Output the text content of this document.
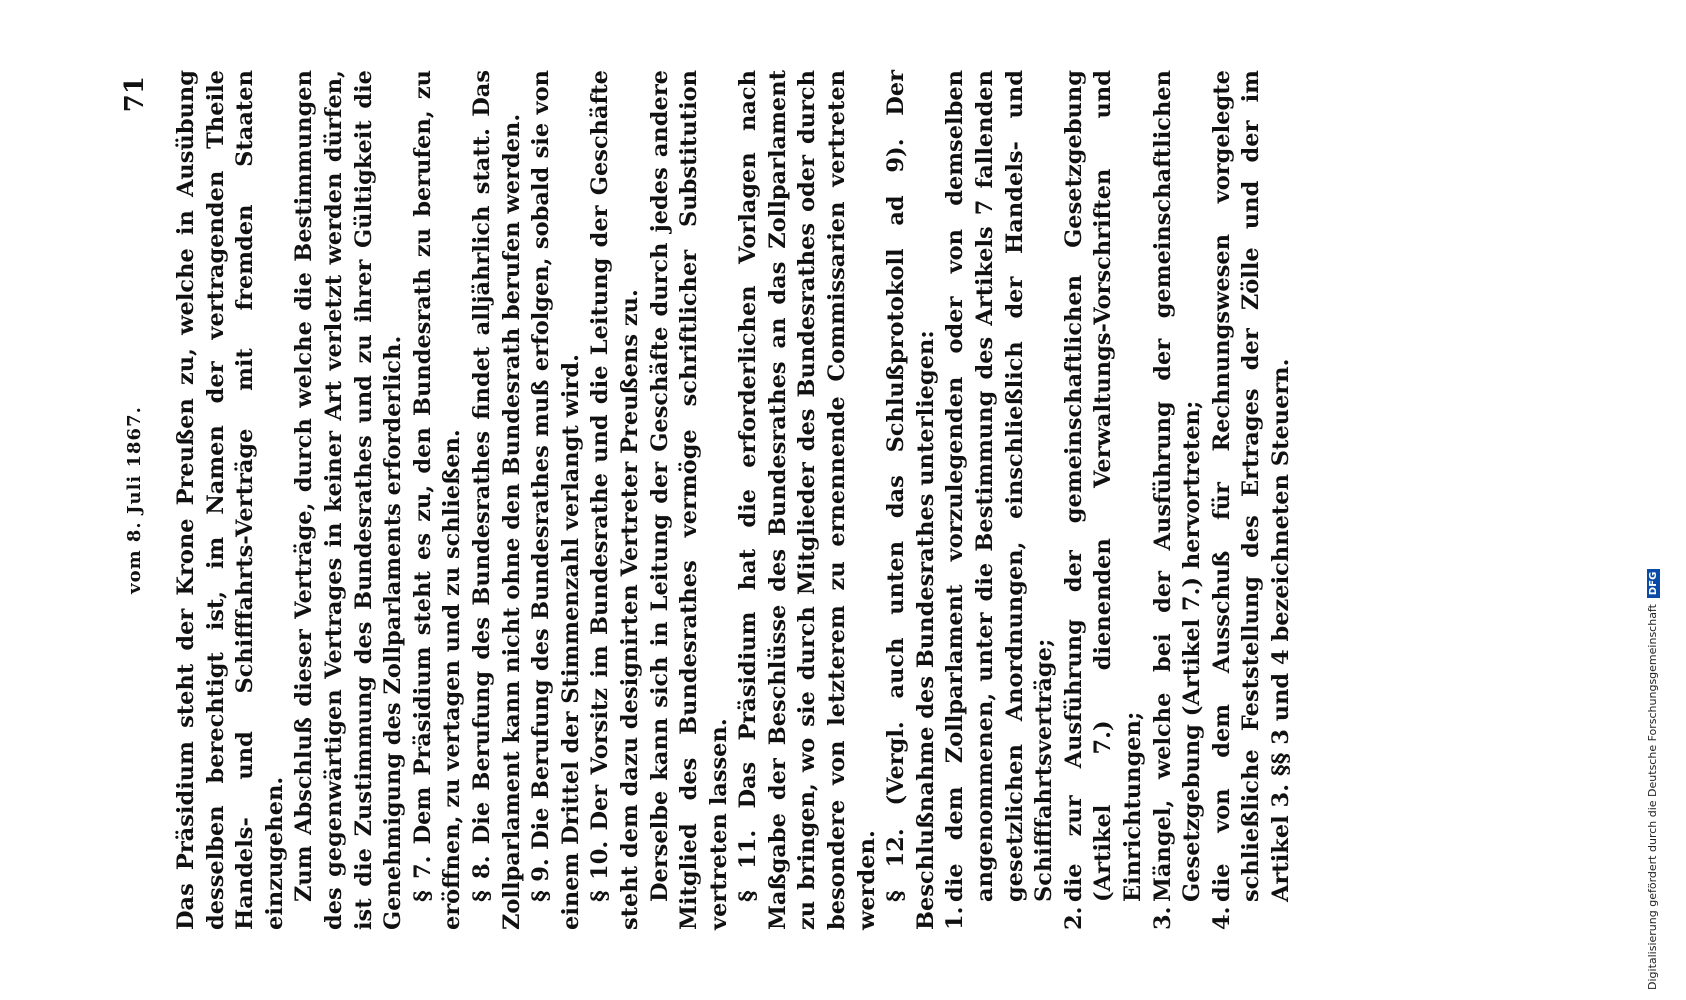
vom 8. Juli 1867.
71 Das Präsidium steht der Krone Preußen zu, welche in Ausübung desselben berechtigt ist, im Namen der vertragenden Theile Handels- und Schifffahrts-Verträge mit fremden Staaten einzugehen. Zum Abschluß dieser Verträge, durch welche die Bestimmungen des gegenwärtigen Vertrages in keiner Art verletzt werden dürfen, ist die Zustimmung des Bundesrathes und zu ihrer Gültigkeit die Genehmigung des Zollparlaments erforderlich. § 7. Dem Präsidium steht es zu, den Bundesrath zu berufen, zu eröffnen, zu vertagen und zu schließen. § 8. Die Berufung des Bundesrathes findet alljährlich statt. Das Zollparlament kann nicht ohne den Bundesrath berufen werden. § 9. Die Berufung des Bundesrathes muß erfolgen, sobald sie von einem Drittel der Stimmenzahl verlangt wird. § 10. Der Vorsitz im Bundesrathe und die Leitung der Geschäfte steht dem dazu designirten Vertreter Preußens zu. Derselbe kann sich in Leitung der Geschäfte durch jedes andere Mitglied des Bundesrathes vermöge schriftlicher Substitution vertreten lassen. § 11. Das Präsidium hat die erforderlichen Vorlagen nach Maßgabe der Beschlüsse des Bundesrathes an das Zollparlament zu bringen, wo sie durch Mitglieder des Bundesrathes oder durch besondere von letzterem zu ernennende Commissarien vertreten werden. § 12. (Vergl. auch unten das Schlußprotokoll ad 9). Der Beschlußnahme des Bundesrathes unterliegen: 1.
die dem Zollparlament vorzulegenden oder von demselben angenommenen, unter die Bestimmung des Artikels 7 fallenden gesetzlichen Anordnungen, einschließlich der Handels- und Schifffahrtsverträge;
2.
die zur Ausführung der gemeinschaftlichen Gesetzgebung (Artikel 7.) dienenden Verwaltungs-Vorschriften und Einrichtungen;
3.
Mängel, welche bei der Ausführung der gemeinschaftlichen Gesetzgebung (Artikel 7.) hervortreten;
4.
die von dem Ausschuß für Rechnungswesen vorgelegte schließliche Feststellung des Ertrages der Zölle und der im Artikel 3. §§ 3 und 4 bezeichneten Steuern.	Digitalisierung gefördert durch die Deutsche ForschungsgemeinschaftDFG
